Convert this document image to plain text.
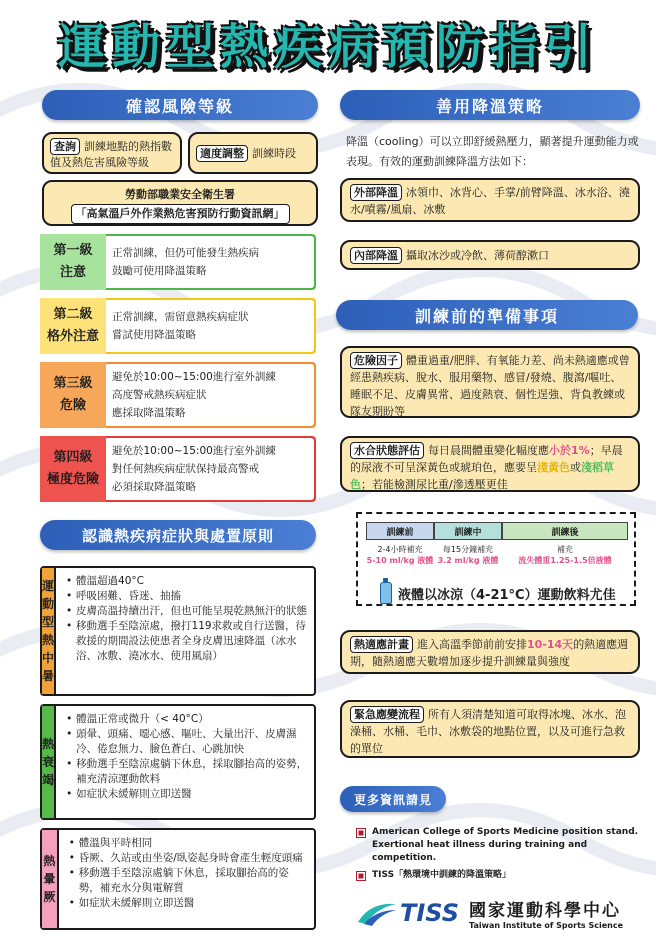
運動型熱疾病預防指引
確認風險等級
查詢 訓練地點的熱指數值及熱危害風險等級
適度調整 訓練時段
勞動部職業安全衛生署
「高氣溫戶外作業熱危害預防行動資訊網」
第一級
注意
正常訓練，但仍可能發生熱疾病
鼓勵可使用降溫策略
第二級
格外注意
正常訓練，需留意熱疾病症狀
嘗試使用降溫策略
第三級
危險
避免於10:00~15:00進行室外訓練
高度警戒熱疾病症狀
應採取降溫策略
第四級
極度危險
避免於10:00~15:00進行室外訓練
對任何熱疾病症狀保持最高警戒
必須採取降溫策略
認識熱疾病症狀與處置原則
運
動
型
熱
中
暑
• 體溫超過40°C
• 呼吸困難、昏迷、抽搐
• 皮膚高溫持續出汗，但也可能呈現乾熱無汗的狀態
• 移動選手至陰涼處，撥打119求救或自行送醫，待救援的期間設法使患者全身皮膚迅速降溫（冰水浴、冰敷、澆冰水、使用風扇）
熱
衰
竭
• 體溫正常或微升（< 40°C）
• 頭暈、頭痛、噁心感、嘔吐、大量出汗、皮膚濕冷、倦怠無力、臉色蒼白、心跳加快
• 移動選手至陰涼處躺下休息，採取腳抬高的姿勢，補充清涼運動飲料
• 如症狀未緩解則立即送醫
熱
暈
厥
• 體溫與平時相同
• 昏厥、久站或由坐姿/臥姿起身時會產生輕度頭痛
• 移動選手至陰涼處躺下休息，採取腳抬高的姿勢，補充水分與電解質
• 如症狀未緩解則立即送醫
善用降溫策略
降溫（cooling）可以立即舒緩熱壓力，顯著提升運動能力或表現。有效的運動訓練降溫方法如下：
外部降溫 冰領巾、冰背心、手掌/前臂降溫、冰水浴、澆水/噴霧/風扇、冰敷
內部降溫 攝取冰沙或冷飲、薄荷醇漱口
訓練前的準備事項
危險因子 體重過重/肥胖、有氧能力差、尚未熱適應或曾經患熱疾病、脫水、服用藥物、感冒/發燒、腹瀉/嘔吐、睡眠不足、皮膚異常、過度熱衰、個性逞強、背負教練或隊友期盼等
水合狀態評估 每日晨間體重變化幅度應小於1%；早晨的尿液不可呈深黃色或琥珀色，應要呈淺黃色或淺稻草色；若能檢測尿比重/滲透壓更佳
訓練前	訓練中	訓練後
2-4小時補充
5-10 ml/kg 液體
每15分鐘補充
3.2 ml/kg 液體
補充
流失體重1.25-1.5倍液體
液體以冰涼（4-21°C）運動飲料尤佳
熱適應計畫 進入高溫季節前前安排10-14天的熱適應週期，隨熱適應天數增加逐步提升訓練量與強度
緊急應變流程 所有人須清楚知道可取得冰塊、冰水、泡澡桶、水桶、毛巾、冰敷袋的地點位置，以及可進行急救的單位
更多資訊請見
American College of Sports Medicine position stand. Exertional heat illness during training and competition.
TISS「熱環境中訓練的降溫策略」
TISS 國家運動科學中心
Taiwan Institute of Sports Science
